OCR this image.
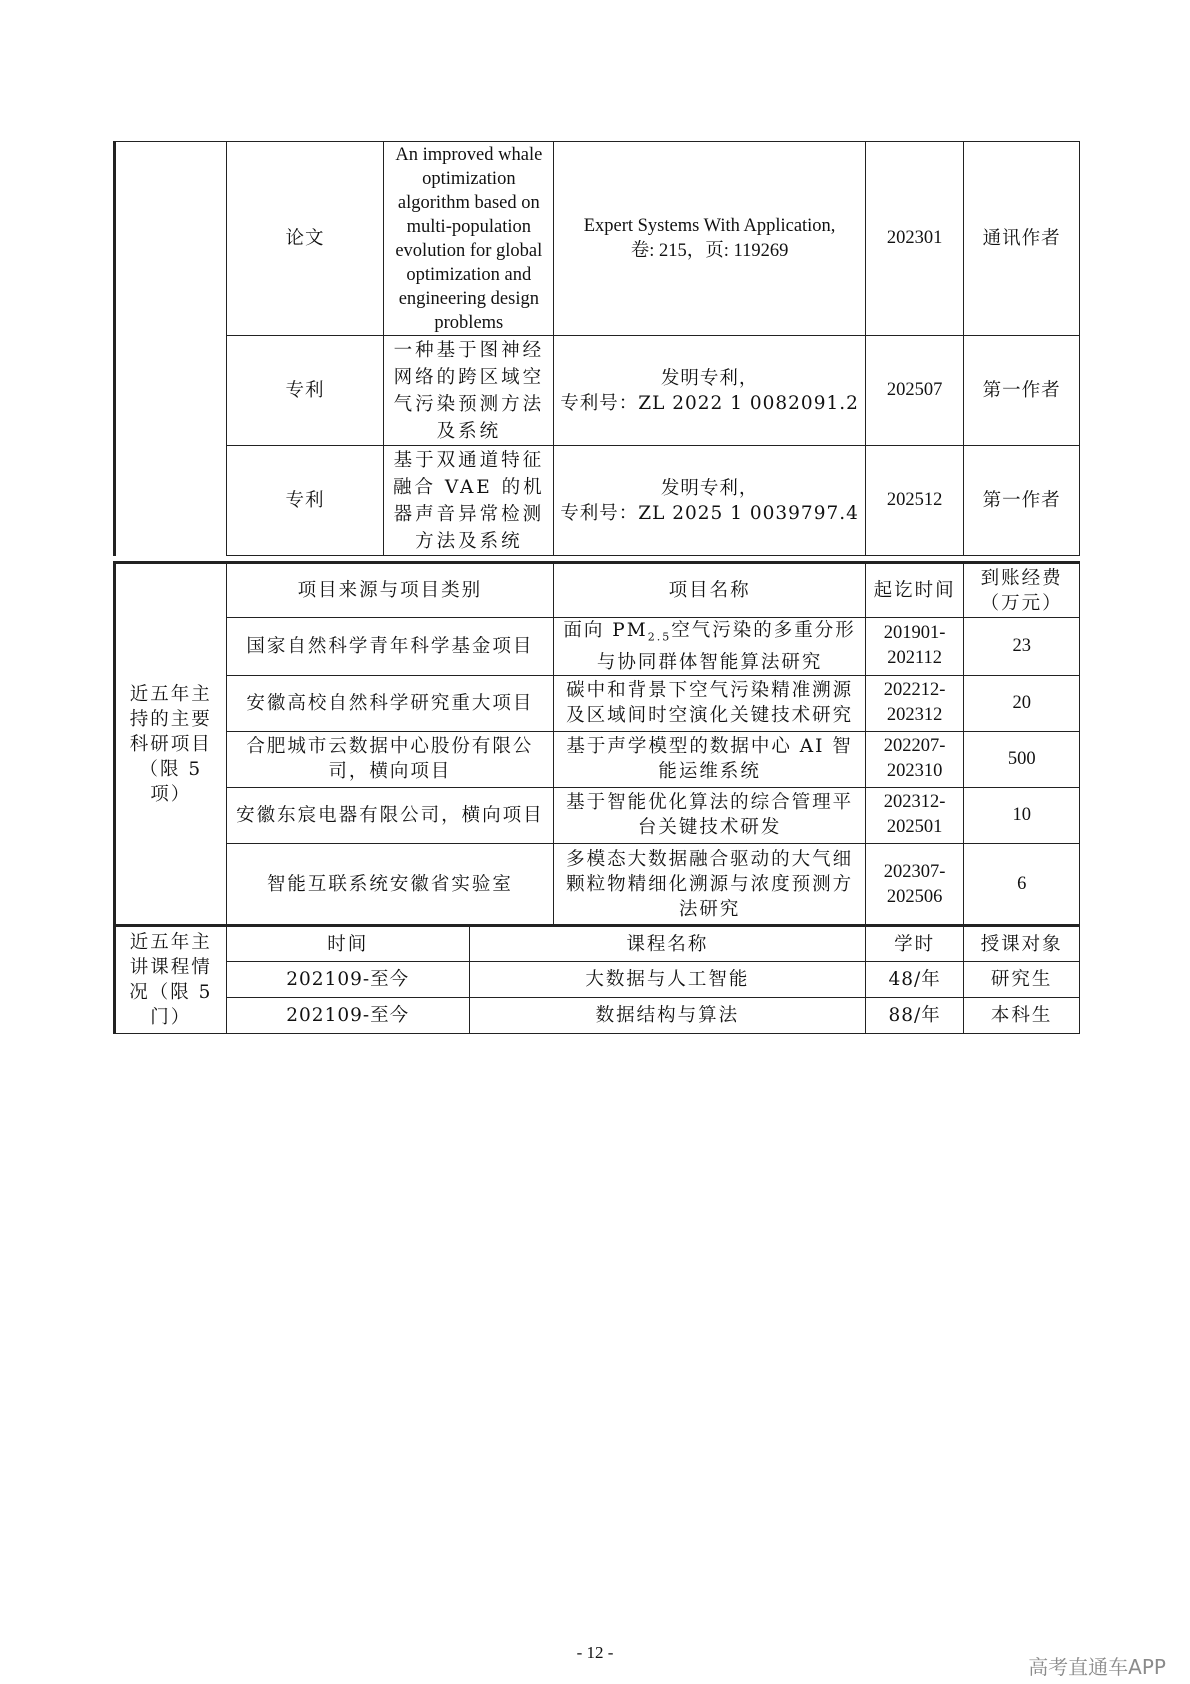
	论文	An improved whale optimization algorithm based on multi-population evolution for global optimization and engineering design problems	Expert Systems With Application,
卷: 215，页: 119269	202301	通讯作者
	专利	一种基于图神经网络的跨区域空气污染预测方法及系统	发明专利，
专利号：ZL 2022 1 0082091.2	202507	第一作者
	专利	基于双通道特征融合 VAE 的机器声音异常检测方法及系统	发明专利，
专利号：ZL 2025 1 0039797.4	202512	第一作者
近五年主持的主要科研项目（限 5 项）	项目来源与项目类别	项目名称	起讫时间	到账经费（万元）
	国家自然科学青年科学基金项目	面向 $PM_{2.5}$空气污染的多重分形与协同群体智能算法研究	201901-202112	23
	安徽高校自然科学研究重大项目	碳中和背景下空气污染精准溯源及区域间时空演化关键技术研究	202212-202312	20
	合肥城市云数据中心股份有限公司，横向项目	基于声学模型的数据中心 AI 智能运维系统	202207-202310	500
	安徽东宸电器有限公司，横向项目	基于智能优化算法的综合管理平台关键技术研发	202312-202501	10
	智能互联系统安徽省实验室	多模态大数据融合驱动的大气细颗粒物精细化溯源与浓度预测方法研究	202307-202506	6
近五年主讲课程情况（限 5 门）	时间	课程名称	学时	授课对象
	202109-至今	大数据与人工智能	48/年	研究生
	202109-至今	数据结构与算法	88/年	本科生
- 12 -
高考直通车APP
